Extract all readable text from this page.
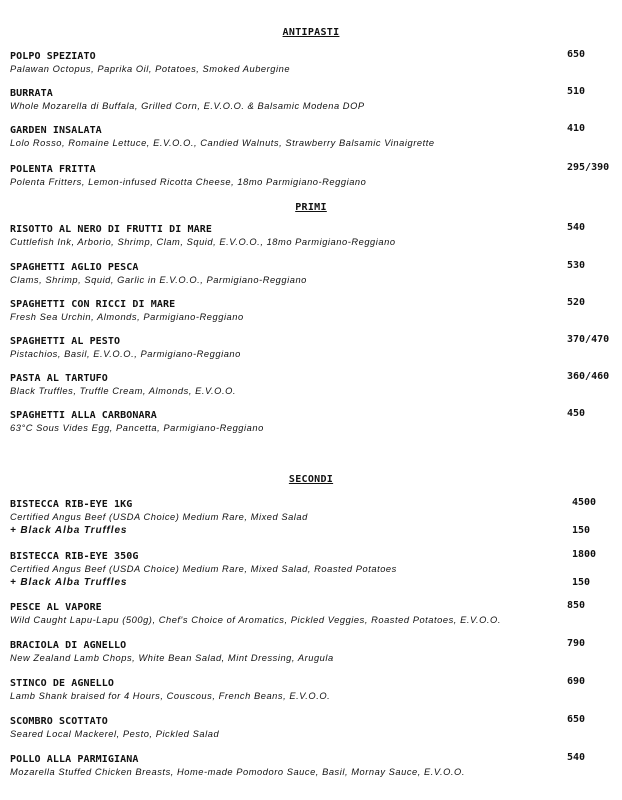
ANTIPASTI
POLPO SPEZIATO
Palawan Octopus, Paprika Oil, Potatoes, Smoked Aubergine
650
BURRATA
Whole Mozarella di Buffala, Grilled Corn, E.V.O.O. & Balsamic Modena DOP
510
GARDEN INSALATA
Lolo Rosso, Romaine Lettuce, E.V.O.O., Candied Walnuts, Strawberry Balsamic Vinaigrette
410
POLENTA FRITTA
Polenta Fritters, Lemon-infused Ricotta Cheese, 18mo Parmigiano-Reggiano
295/390
PRIMI
RISOTTO AL NERO DI FRUTTI DI MARE
Cuttlefish Ink, Arborio, Shrimp, Clam, Squid, E.V.O.O., 18mo Parmigiano-Reggiano
540
SPAGHETTI AGLIO PESCA
Clams, Shrimp, Squid, Garlic in E.V.O.O., Parmigiano-Reggiano
530
SPAGHETTI CON RICCI DI MARE
Fresh Sea Urchin, Almonds, Parmigiano-Reggiano
520
SPAGHETTI AL PESTO
Pistachios, Basil, E.V.O.O., Parmigiano-Reggiano
370/470
PASTA AL TARTUFO
Black Truffles, Truffle Cream, Almonds, E.V.O.O.
360/460
SPAGHETTI ALLA CARBONARA
63°C Sous Vides Egg, Pancetta, Parmigiano-Reggiano
450
SECONDI
BISTECCA RIB-EYE 1KG
Certified Angus Beef (USDA Choice) Medium Rare, Mixed Salad
4500
+ Black Alba Truffles	150
BISTECCA RIB-EYE 350G
Certified Angus Beef (USDA Choice) Medium Rare, Mixed Salad, Roasted Potatoes
1800
+ Black Alba Truffles	150
PESCE AL VAPORE
Wild Caught Lapu-Lapu (500g), Chef's Choice of Aromatics, Pickled Veggies, Roasted Potatoes, E.V.O.O.
850
BRACIOLA DI AGNELLO
New Zealand Lamb Chops, White Bean Salad, Mint Dressing, Arugula
790
STINCO DE AGNELLO
Lamb Shank braised for 4 Hours, Couscous, French Beans, E.V.O.O.
690
SCOMBRO SCOTTATO
Seared Local Mackerel, Pesto, Pickled Salad
650
POLLO ALLA PARMIGIANA
Mozarella Stuffed Chicken Breasts, Home-made Pomodoro Sauce, Basil, Mornay Sauce, E.V.O.O.
540
